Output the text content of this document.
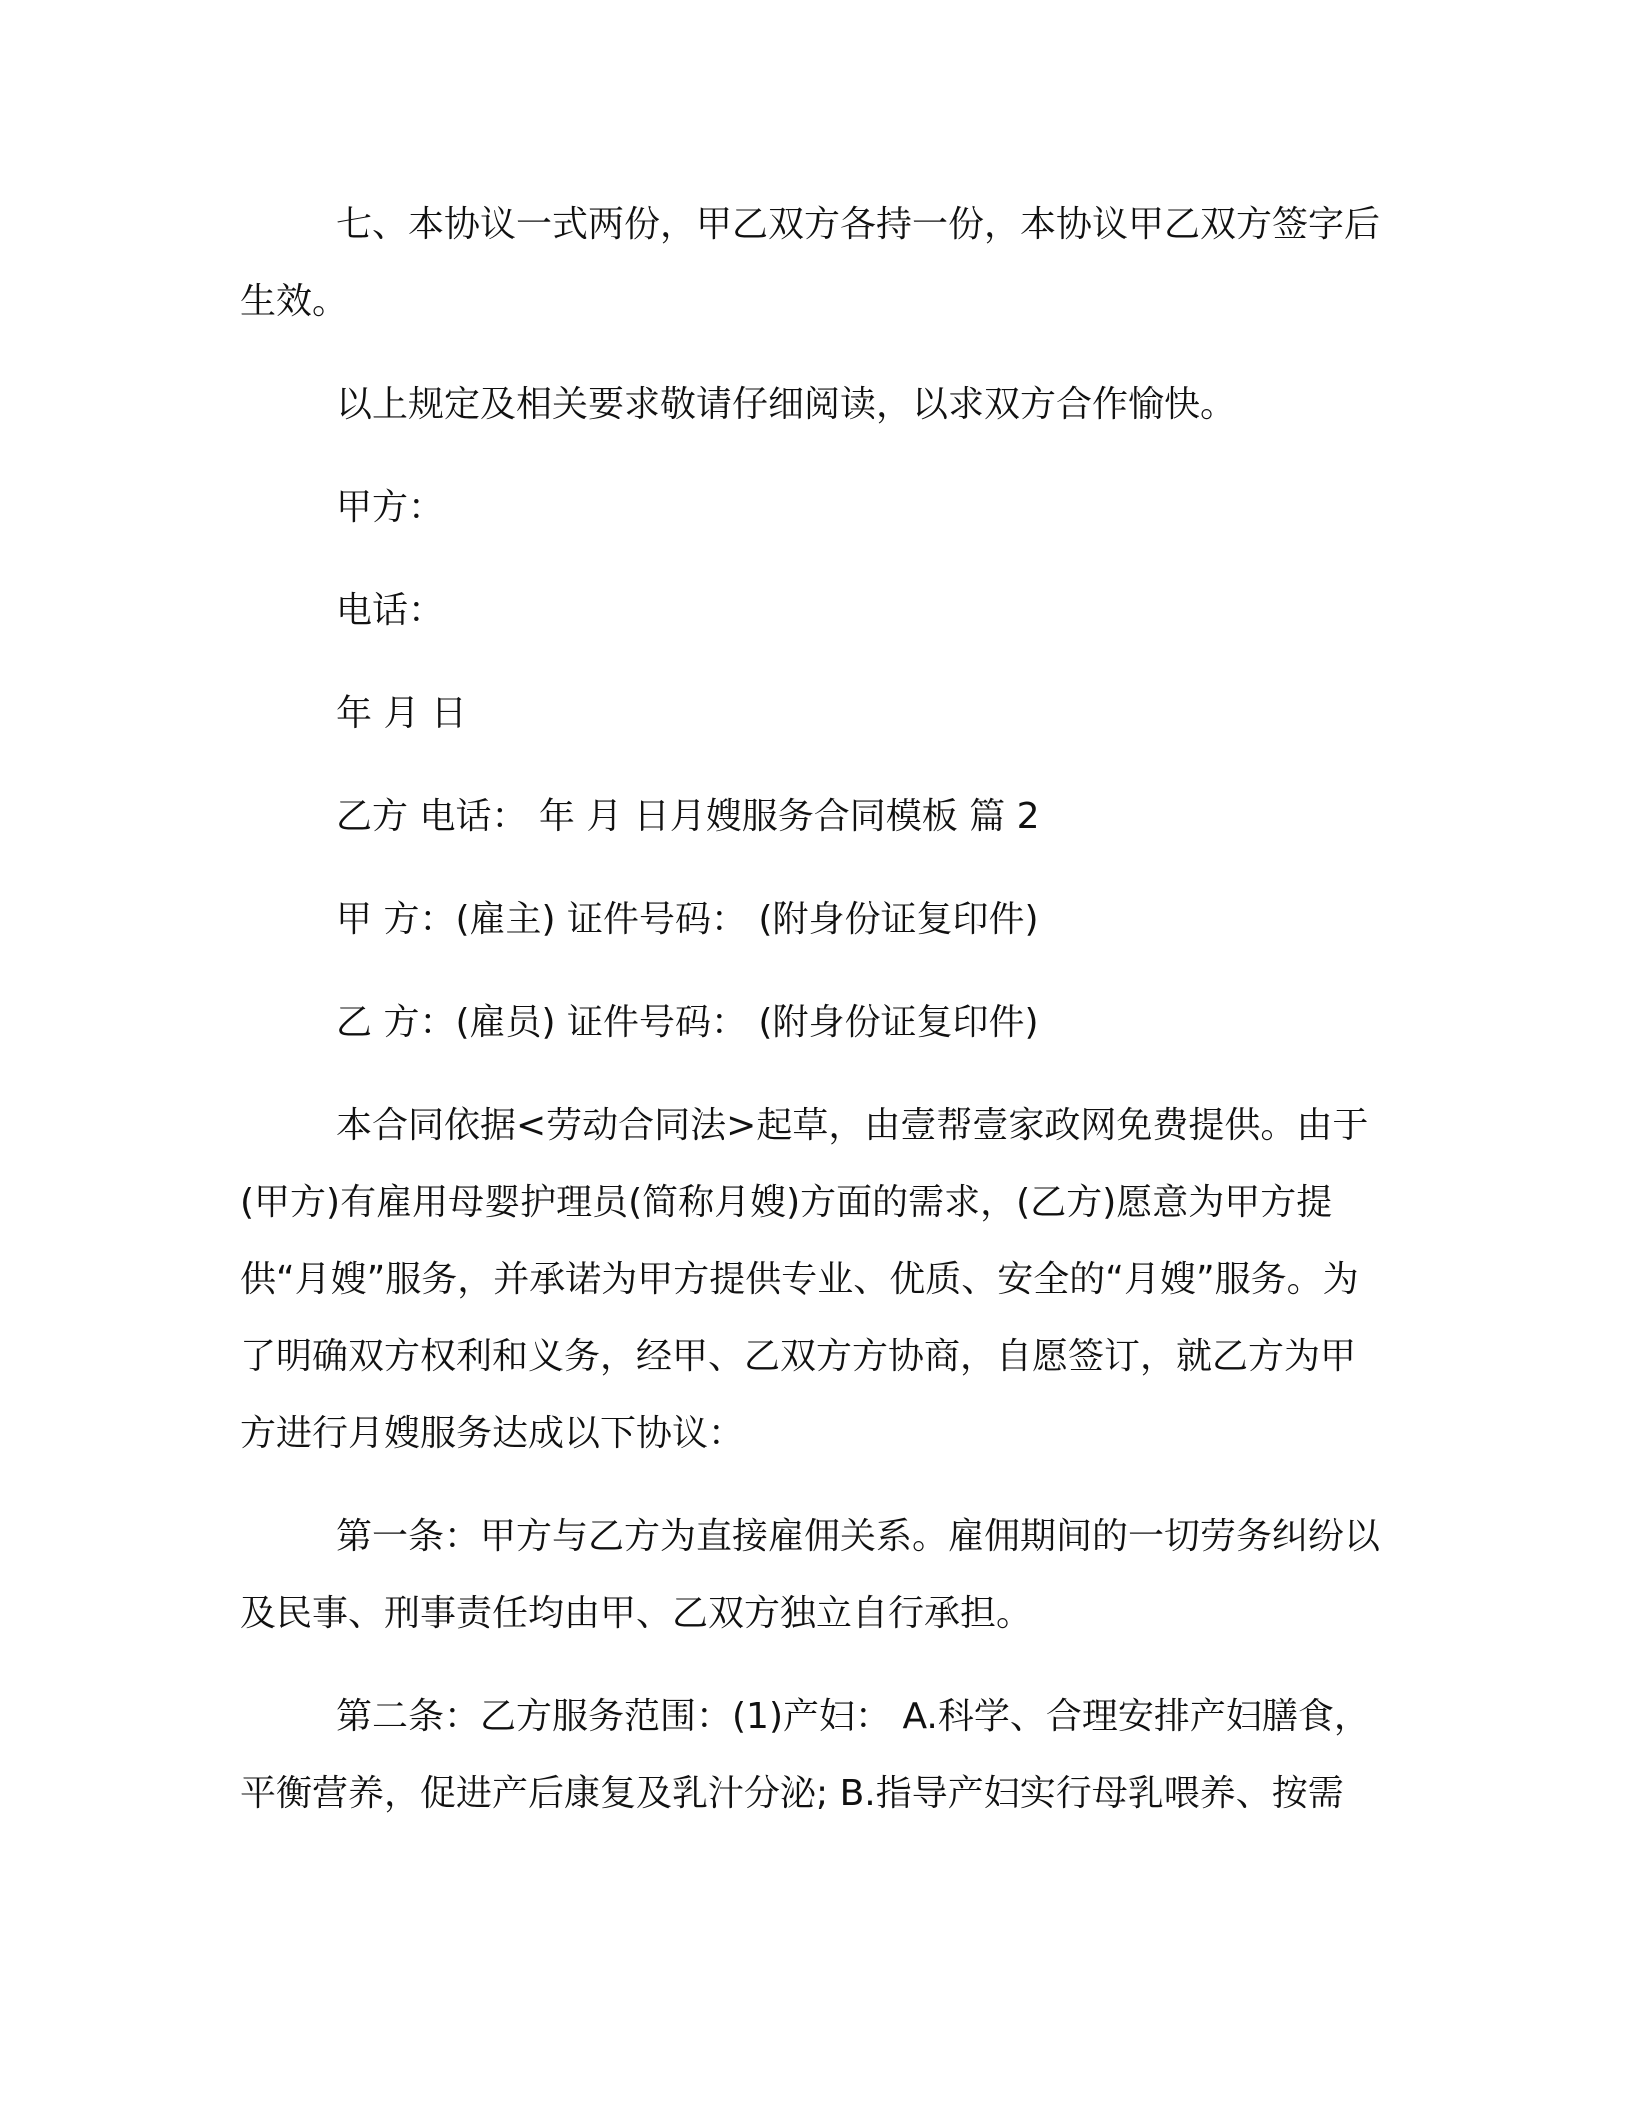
七、本协议一式两份，甲乙双方各持一份，本协议甲乙双方签字后生效。

以上规定及相关要求敬请仔细阅读，以求双方合作愉快。

甲方：

电话：

年 月 日

乙方 电话： 年 月 日月嫂服务合同模板 篇 2

甲 方：(雇主) 证件号码： (附身份证复印件)

乙 方：(雇员) 证件号码： (附身份证复印件)

本合同依据<劳动合同法>起草，由壹帮壹家政网免费提供。由于(甲方)有雇用母婴护理员(简称月嫂)方面的需求，(乙方)愿意为甲方提供“月嫂”服务，并承诺为甲方提供专业、优质、安全的“月嫂”服务。为了明确双方权利和义务，经甲、乙双方方协商，自愿签订，就乙方为甲方进行月嫂服务达成以下协议：

第一条：甲方与乙方为直接雇佣关系。雇佣期间的一切劳务纠纷以及民事、刑事责任均由甲、乙双方独立自行承担。

第二条：乙方服务范围：(1)产妇： A.科学、合理安排产妇膳食，平衡营养，促进产后康复及乳汁分泌; B.指导产妇实行母乳喂养、按需
